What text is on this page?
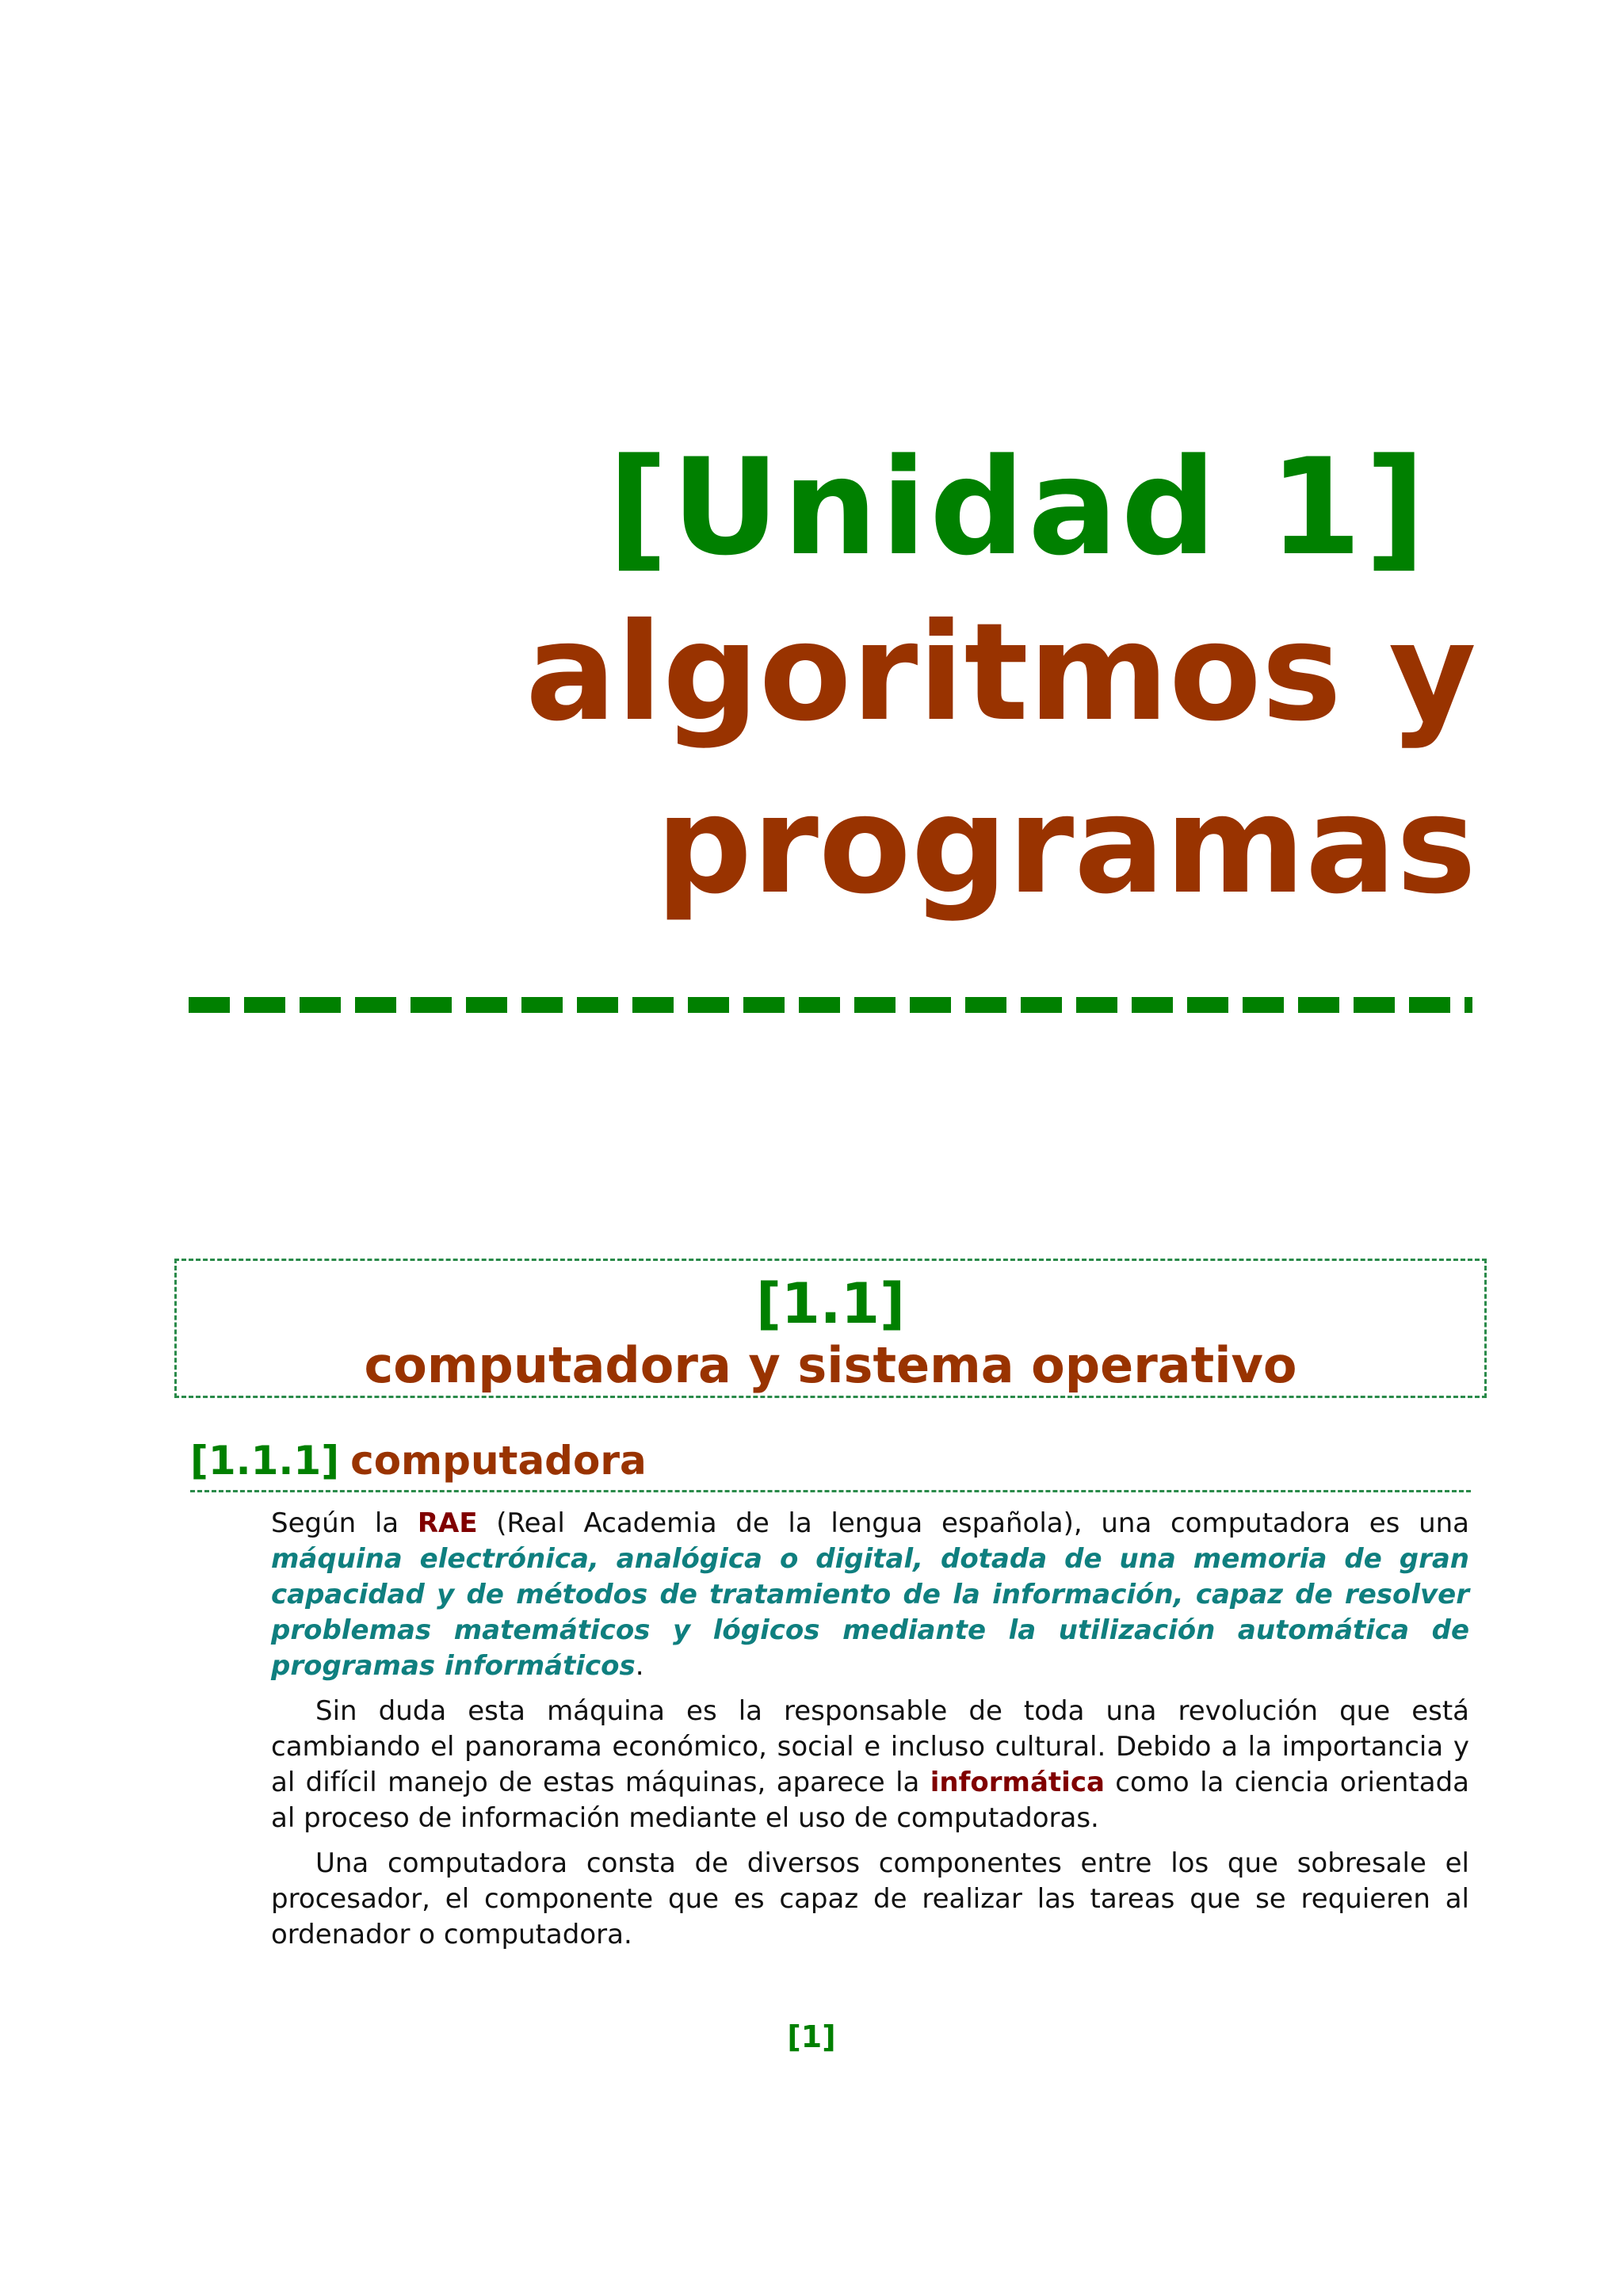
[Unidad 1]
algoritmos y
programas
[1.1]
computadora y sistema operativo
[1.1.1] computadora

Según la RAE (Real Academia de la lengua española), una computadora es una máquina electrónica, analógica o digital, dotada de una memoria de gran capacidad y de métodos de tratamiento de la información, capaz de resolver problemas matemáticos y lógicos mediante la utilización automática de programas informáticos.

Sin duda esta máquina es la responsable de toda una revolución que está cambiando el panorama económico, social e incluso cultural. Debido a la importancia y al difícil manejo de estas máquinas, aparece la informática como la ciencia orientada al proceso de información mediante el uso de computadoras.

Una computadora consta de diversos componentes entre los que sobresale el procesador, el componente que es capaz de realizar las tareas que se requieren al ordenador o computadora.

[1]
